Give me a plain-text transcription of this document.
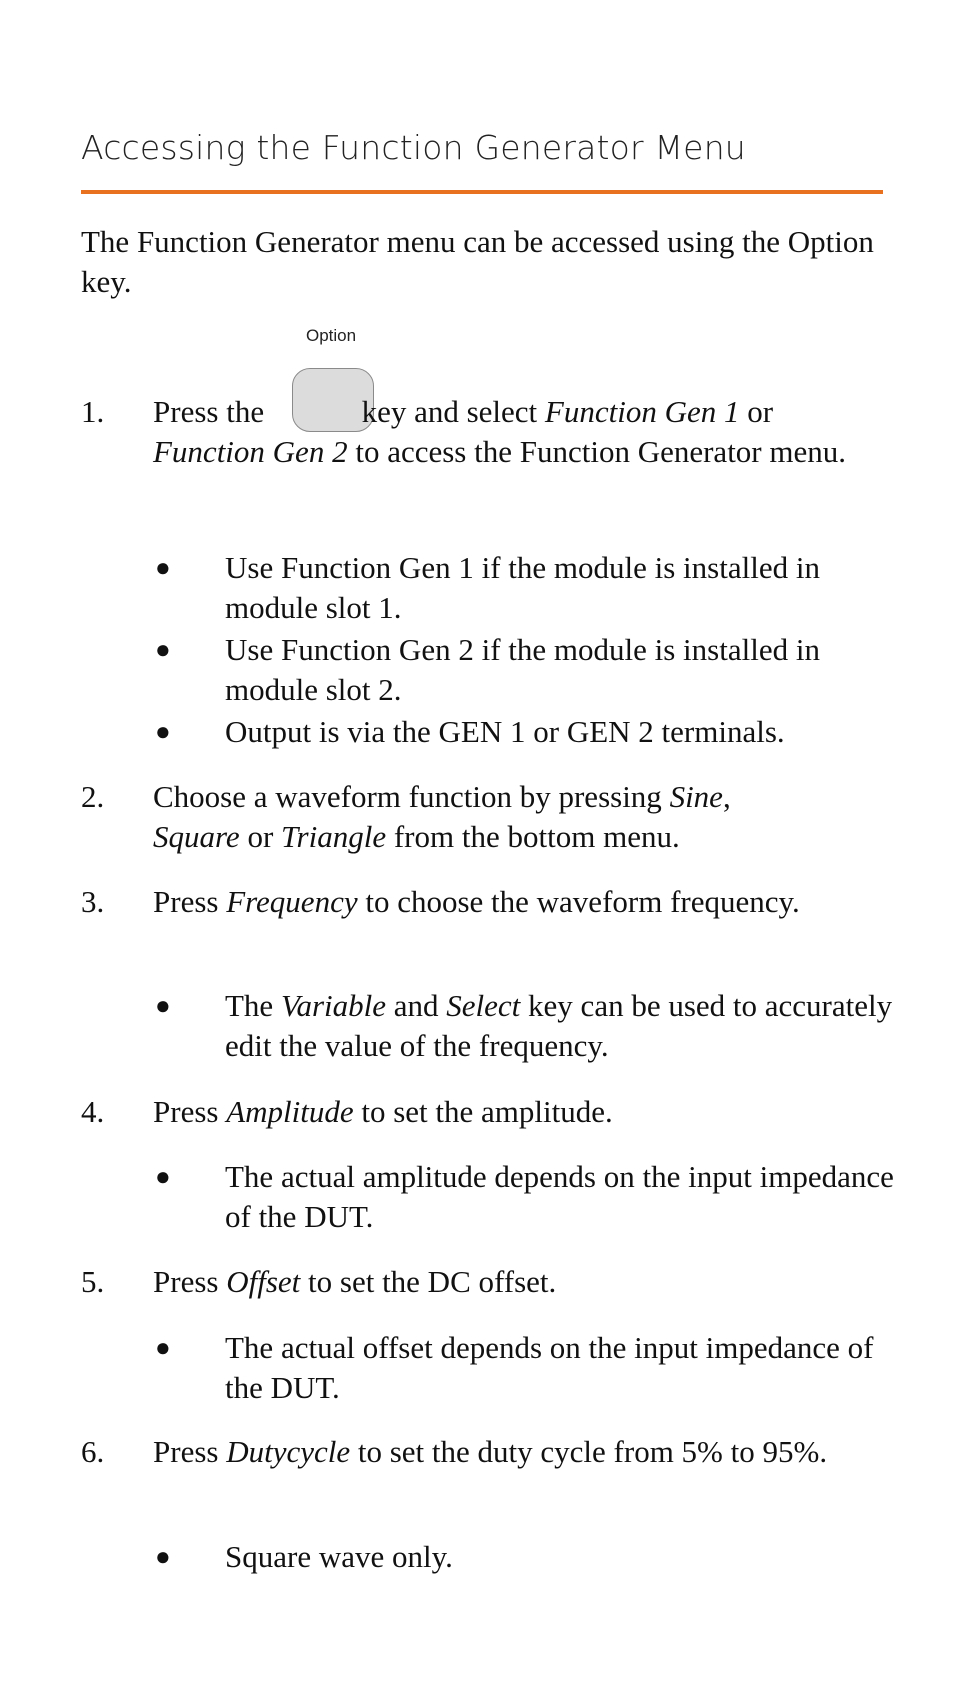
Accessing the Function Generator Menu
The Function Generator menu can be accessed using the Option key.
Option
1. Press the	key and select Function Gen 1 or
Function Gen 2 to access the Function Generator menu.
● Use Function Gen 1 if the module is installed in module slot 1.
● Use Function Gen 2 if the module is installed in module slot 2.
● Output is via the GEN 1 or GEN 2 terminals.
2. Choose a waveform function by pressing Sine,
Square or Triangle from the bottom menu.
3. Press Frequency to choose the waveform frequency.
● The Variable and Select key can be used to accurately edit the value of the frequency.
4. Press Amplitude to set the amplitude.
● The actual amplitude depends on the input impedance of the DUT.
5. Press Offset to set the DC offset.
● The actual offset depends on the input impedance of the DUT.
6. Press Dutycycle to set the duty cycle from 5% to 95%.
● Square wave only.
